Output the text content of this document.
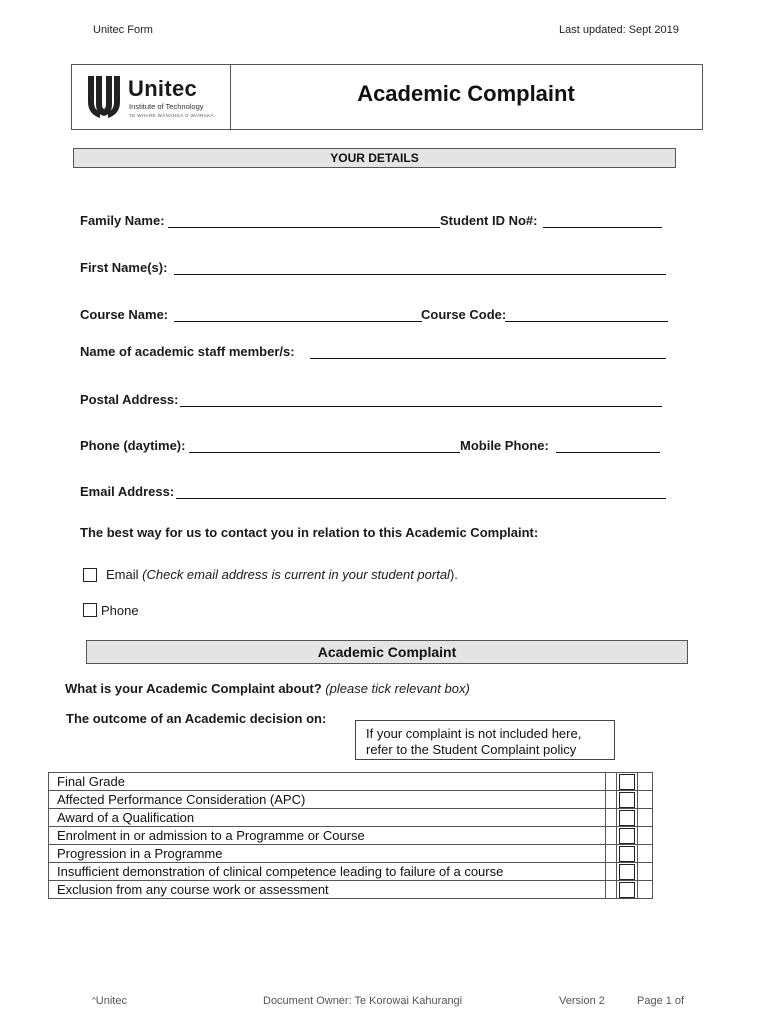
Unitec Form	Last updated: Sept 2019
Unitec
Institute of Technology
TE WHARE WĀNANGA O WAIRAKA
Academic Complaint
YOUR DETAILS
Family Name:	Student ID No#:
First Name(s):
Course Name:	Course Code:
Name of academic staff member/s:
Postal Address:
Phone (daytime):	Mobile Phone:
Email Address:
The best way for us to contact you in relation to this Academic Complaint:
Email (Check email address is current in your student portal).
Phone
Academic Complaint
What is your Academic Complaint about? (please tick relevant box)
The outcome of an Academic decision on:
If your complaint is not included here,
refer to the Student Complaint policy
Final Grade		

Affected Performance Consideration (APC)		

Award of a Qualification		

Enrolment in or admission to a Programme or Course		

Progression in a Programme		

Insufficient demonstration of clinical competence leading to failure of a course		

Exclusion from any course work or assessment		

^Unitec	Document Owner: Te Korowai Kahurangi	Version 2	Page 1 of
